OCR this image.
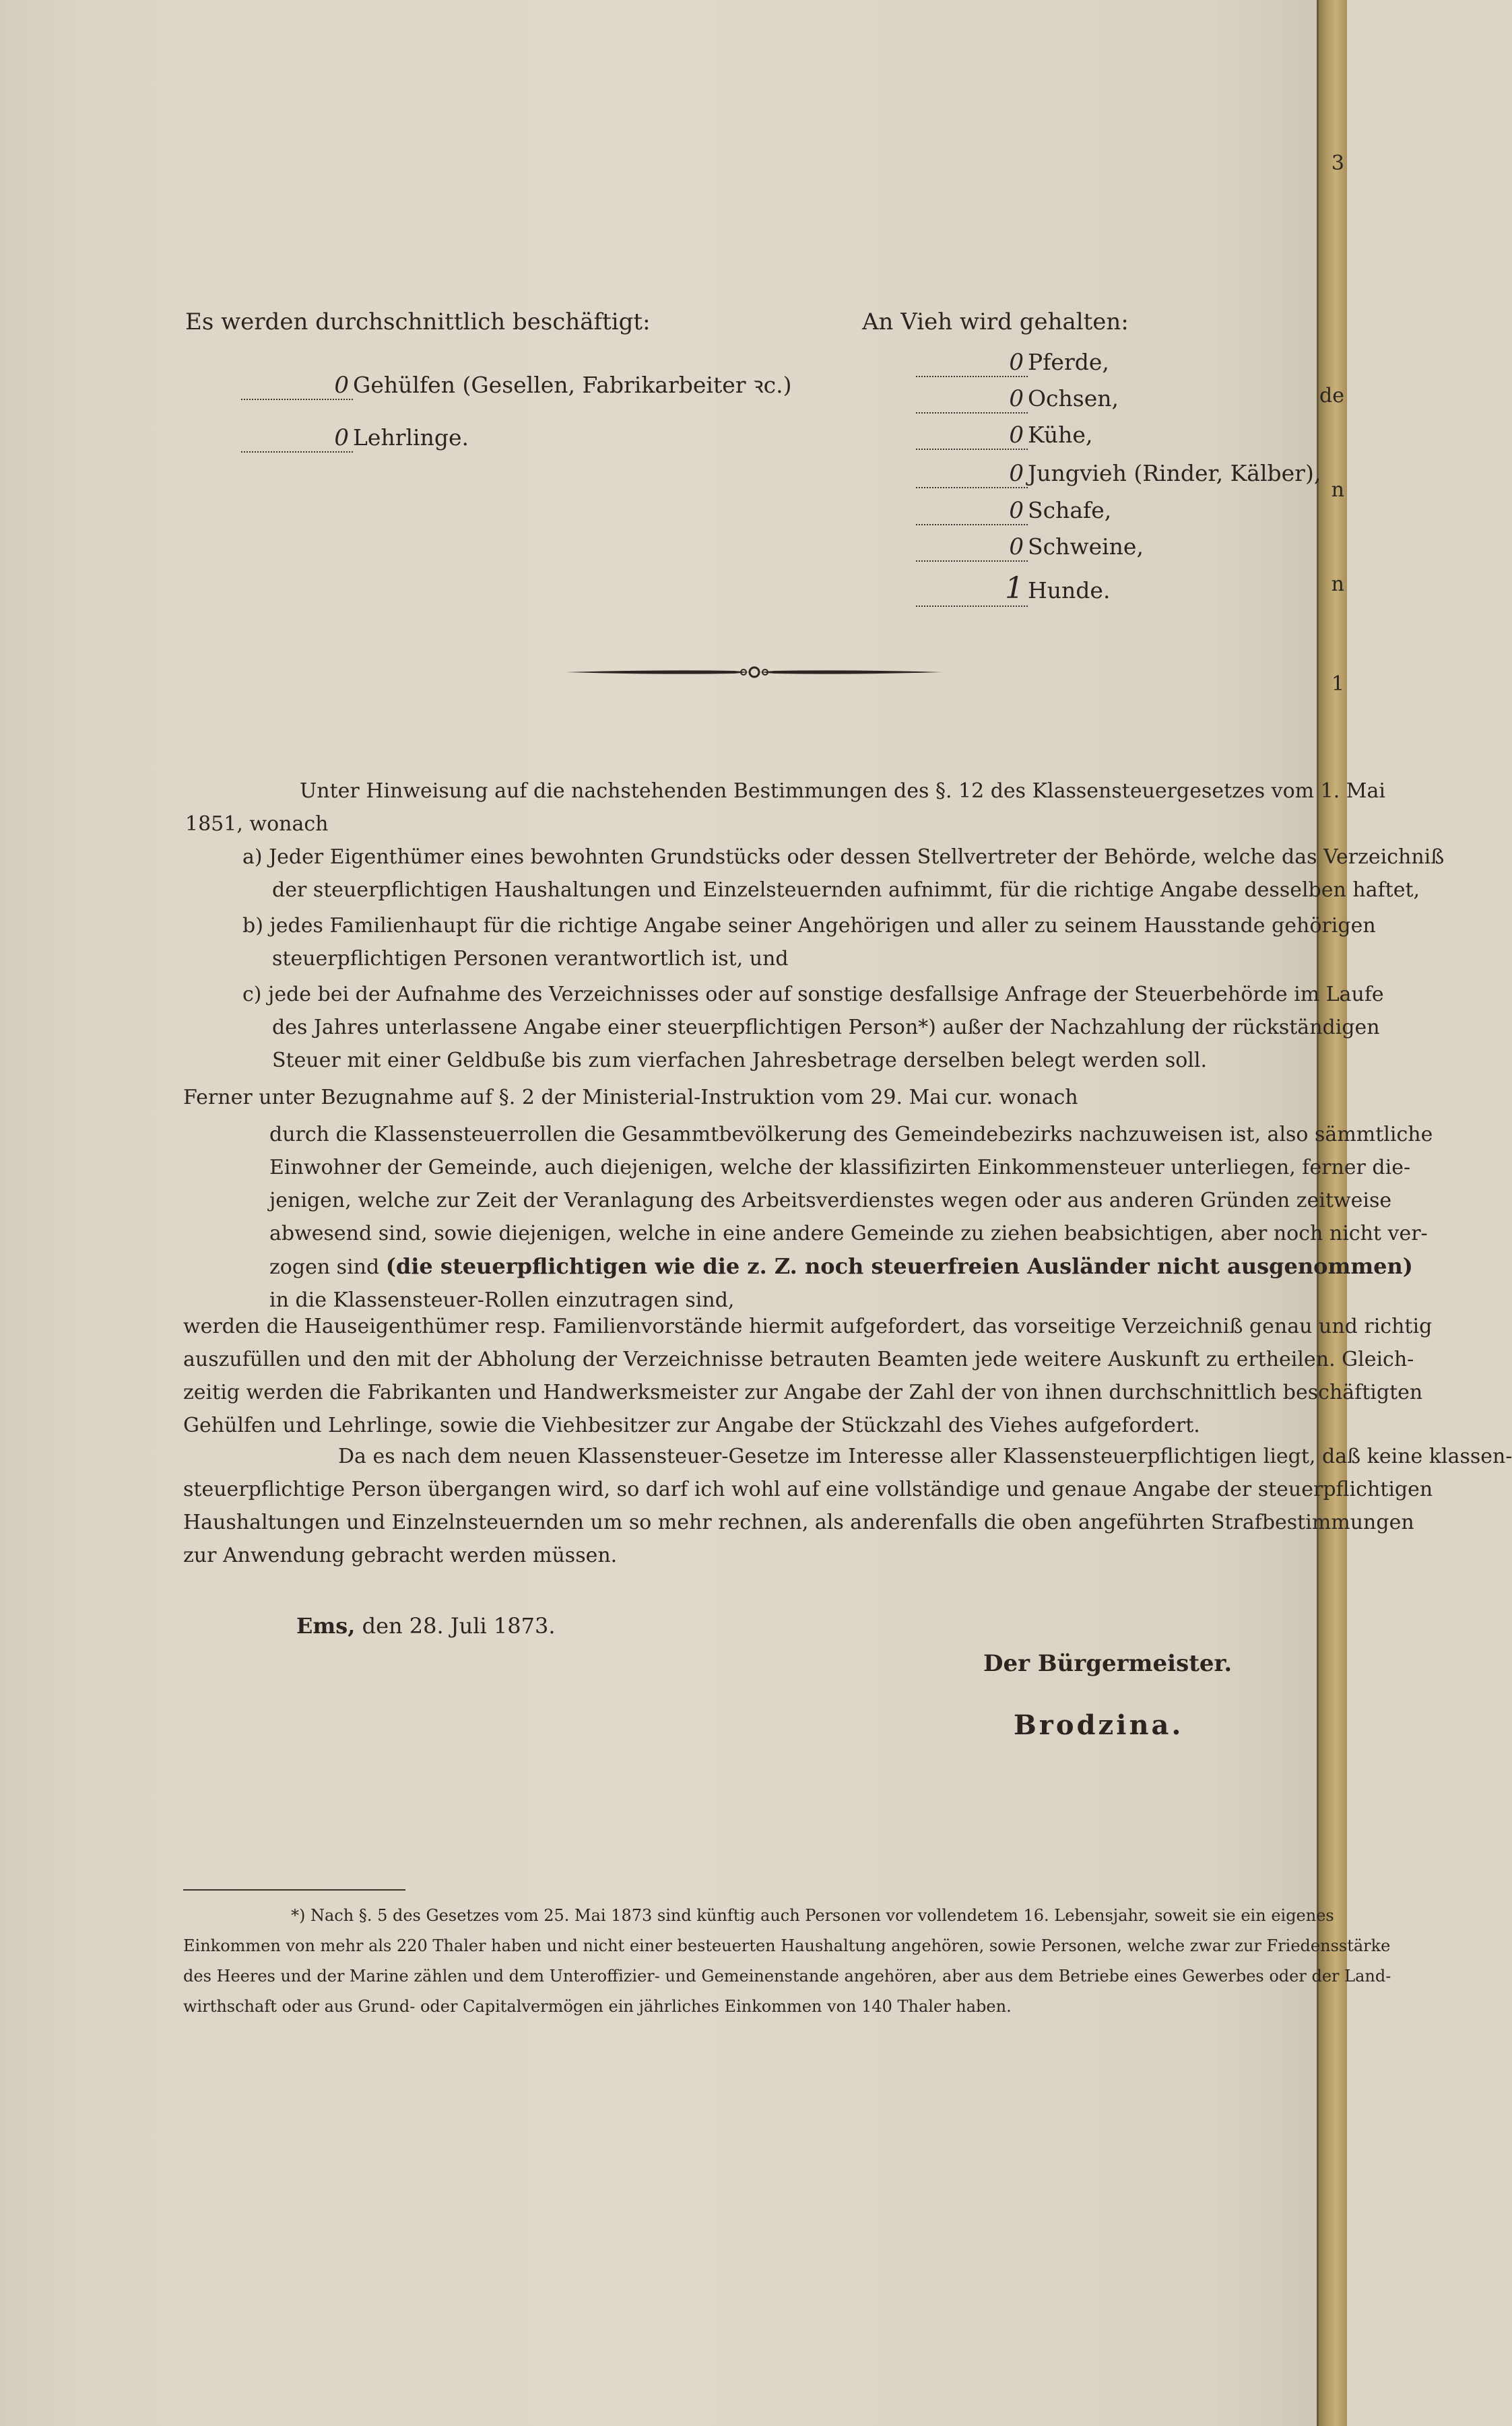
3
de
n
n
1
Es werden durchschnittlich beschäftigt:
0 Gehülfen (Gesellen, Fabrikarbeiter ꝛc.)
0 Lehrlinge.
An Vieh wird gehalten:
0 Pferde,
0 Ochsen,
0 Kühe,
0 Jungvieh (Rinder, Kälber),
0 Schafe,
0 Schweine,
1 Hunde.
Unter Hinweisung auf die nachstehenden Bestimmungen des §. 12 des Klassensteuergesetzes vom 1. Mai
1851, wonach
a) Jeder Eigenthümer eines bewohnten Grundstücks oder dessen Stellvertreter der Behörde, welche das Verzeichniß
der steuerpflichtigen Haushaltungen und Einzelsteuernden aufnimmt, für die richtige Angabe desselben haftet,
b) jedes Familienhaupt für die richtige Angabe seiner Angehörigen und aller zu seinem Hausstande gehörigen
steuerpflichtigen Personen verantwortlich ist, und
c) jede bei der Aufnahme des Verzeichnisses oder auf sonstige desfallsige Anfrage der Steuerbehörde im Laufe
des Jahres unterlassene Angabe einer steuerpflichtigen Person*) außer der Nachzahlung der rückständigen
Steuer mit einer Geldbuße bis zum vierfachen Jahresbetrage derselben belegt werden soll.
Ferner unter Bezugnahme auf §. 2 der Ministerial-Instruktion vom 29. Mai cur. wonach
durch die Klassensteuerrollen die Gesammtbevölkerung des Gemeindebezirks nachzuweisen ist, also sämmtliche
Einwohner der Gemeinde, auch diejenigen, welche der klassifizirten Einkommensteuer unterliegen, ferner die-
jenigen, welche zur Zeit der Veranlagung des Arbeitsverdienstes wegen oder aus anderen Gründen zeitweise
abwesend sind, sowie diejenigen, welche in eine andere Gemeinde zu ziehen beabsichtigen, aber noch nicht ver-
zogen sind (die steuerpflichtigen wie die z. Z. noch steuerfreien Ausländer nicht ausgenommen)
in die Klassensteuer-Rollen einzutragen sind,
werden die Hauseigenthümer resp. Familienvorstände hiermit aufgefordert, das vorseitige Verzeichniß genau und richtig
auszufüllen und den mit der Abholung der Verzeichnisse betrauten Beamten jede weitere Auskunft zu ertheilen. Gleich-
zeitig werden die Fabrikanten und Handwerksmeister zur Angabe der Zahl der von ihnen durchschnittlich beschäftigten
Gehülfen und Lehrlinge, sowie die Viehbesitzer zur Angabe der Stückzahl des Viehes aufgefordert.
Da es nach dem neuen Klassensteuer-Gesetze im Interesse aller Klassensteuerpflichtigen liegt, daß keine klassen-
steuerpflichtige Person übergangen wird, so darf ich wohl auf eine vollständige und genaue Angabe der steuerpflichtigen
Haushaltungen und Einzelnsteuernden um so mehr rechnen, als anderenfalls die oben angeführten Strafbestimmungen
zur Anwendung gebracht werden müssen.
Ems, den 28. Juli 1873.
Der Bürgermeister.
Brodzina.
*) Nach §. 5 des Gesetzes vom 25. Mai 1873 sind künftig auch Personen vor vollendetem 16. Lebensjahr, soweit sie ein eigenes
Einkommen von mehr als 220 Thaler haben und nicht einer besteuerten Haushaltung angehören, sowie Personen, welche zwar zur Friedensstärke
des Heeres und der Marine zählen und dem Unteroffizier- und Gemeinenstande angehören, aber aus dem Betriebe eines Gewerbes oder der Land-
wirthschaft oder aus Grund- oder Capitalvermögen ein jährliches Einkommen von 140 Thaler haben.
